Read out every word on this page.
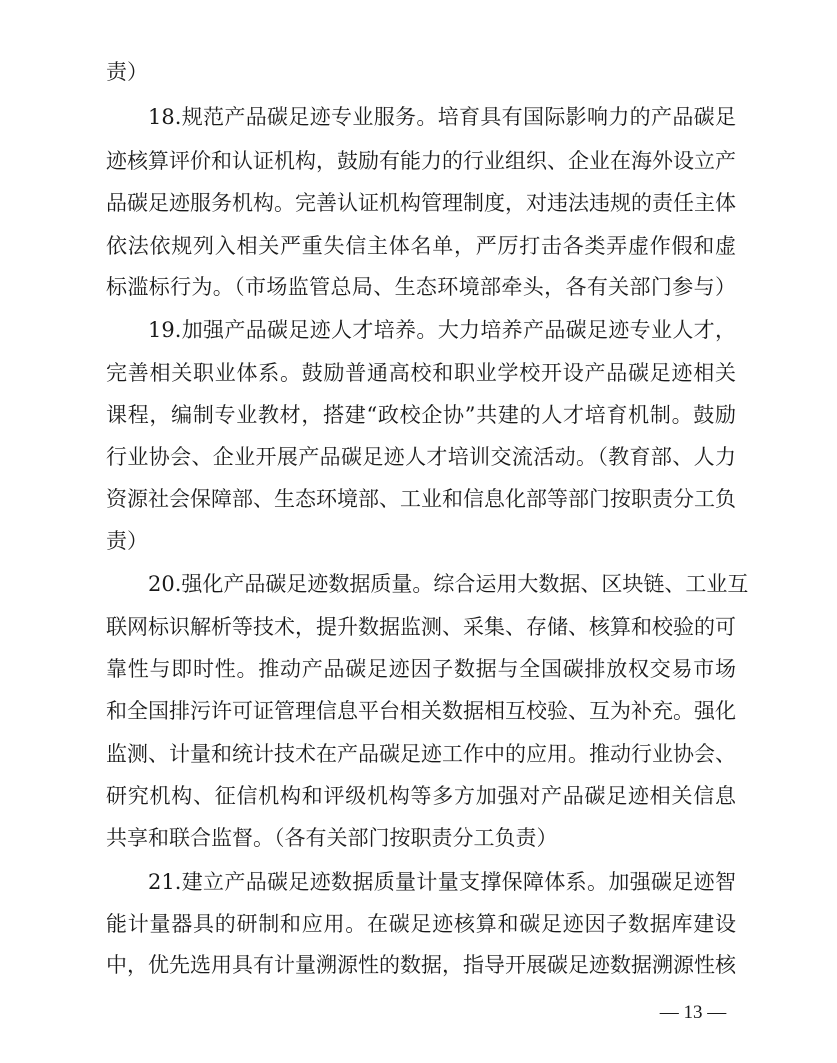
责）
18.规范产品碳足迹专业服务。培育具有国际影响力的产品碳足
迹核算评价和认证机构，鼓励有能力的行业组织、企业在海外设立产
品碳足迹服务机构。完善认证机构管理制度，对违法违规的责任主体
依法依规列入相关严重失信主体名单，严厉打击各类弄虚作假和虚
标滥标行为。（市场监管总局、生态环境部牵头，各有关部门参与）
19.加强产品碳足迹人才培养。大力培养产品碳足迹专业人才，
完善相关职业体系。鼓励普通高校和职业学校开设产品碳足迹相关
课程，编制专业教材，搭建“政校企协”共建的人才培育机制。鼓励
行业协会、企业开展产品碳足迹人才培训交流活动。（教育部、人力
资源社会保障部、生态环境部、工业和信息化部等部门按职责分工负
责）
20.强化产品碳足迹数据质量。综合运用大数据、区块链、工业互
联网标识解析等技术，提升数据监测、采集、存储、核算和校验的可
靠性与即时性。推动产品碳足迹因子数据与全国碳排放权交易市场
和全国排污许可证管理信息平台相关数据相互校验、互为补充。强化
监测、计量和统计技术在产品碳足迹工作中的应用。推动行业协会、
研究机构、征信机构和评级机构等多方加强对产品碳足迹相关信息
共享和联合监督。（各有关部门按职责分工负责）
21.建立产品碳足迹数据质量计量支撑保障体系。加强碳足迹智
能计量器具的研制和应用。在碳足迹核算和碳足迹因子数据库建设
中，优先选用具有计量溯源性的数据，指导开展碳足迹数据溯源性核
— 13 —
